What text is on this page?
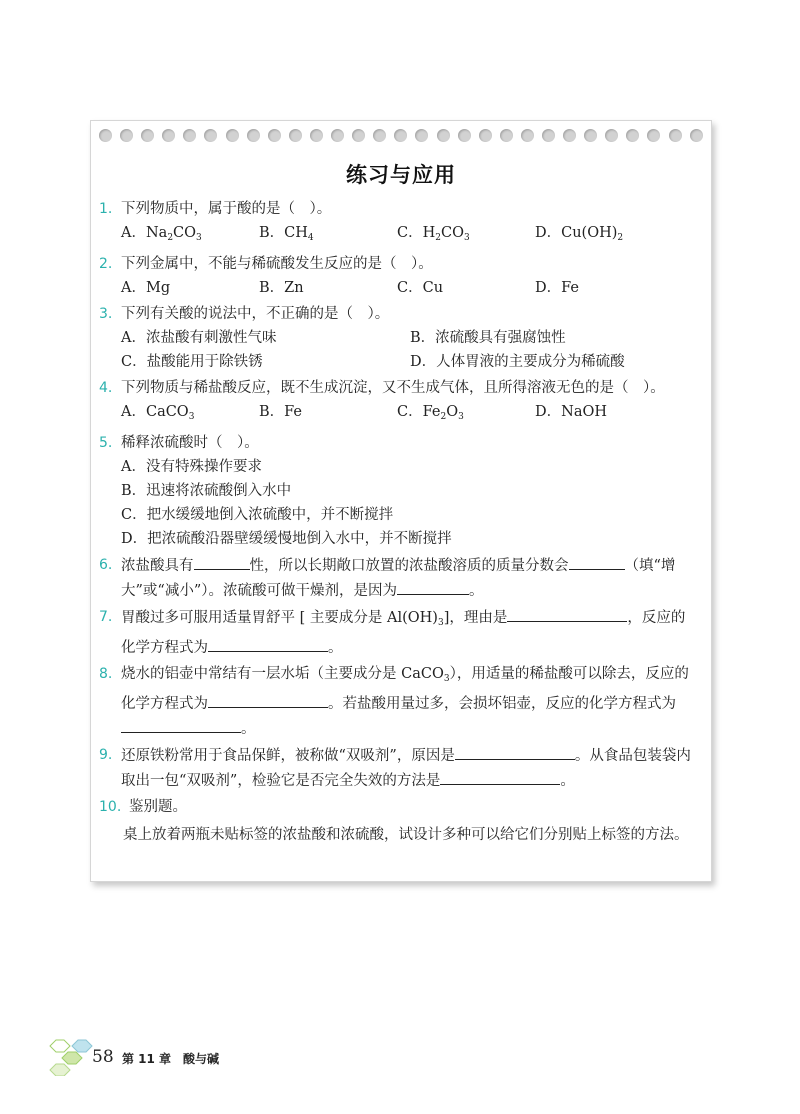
练习与应用
1. 下列物质中，属于酸的是（　）。
A．$Na_2CO_3$	B．$CH_4$	C．$H_2CO_3$	D．$Cu(OH)_2$
2. 下列金属中，不能与稀硫酸发生反应的是（　）。
A．Mg	B．Zn	C．Cu	D．Fe
3. 下列有关酸的说法中，不正确的是（　）。
A．浓盐酸有刺激性气味	B．浓硫酸具有强腐蚀性
C．盐酸能用于除铁锈	D．人体胃液的主要成分为稀硫酸
4. 下列物质与稀盐酸反应，既不生成沉淀，又不生成气体，且所得溶液无色的是（　）。
A．CaCO$_3$	B．Fe	C．$Fe_2O_3$	D．NaOH
5. 稀释浓硫酸时（　）。
A．没有特殊操作要求
B．迅速将浓硫酸倒入水中
C．把水缓缓地倒入浓硫酸中，并不断搅拌
D．把浓硫酸沿器壁缓缓慢地倒入水中，并不断搅拌
6. 浓盐酸具有	性，所以长期敞口放置的浓盐酸溶质的质量分数会	（填“增大”或“减小”）。浓硫酸可做干燥剂，是因为	。
7. 胃酸过多可服用适量胃舒平 [ 主要成分是 $Al(OH)_3$]，理由是	，反应的化学方程式为	。
8. 烧水的铝壶中常结有一层水垢（主要成分是 CaCO$_3$），用适量的稀盐酸可以除去，反应的化学方程式为	。若盐酸用量过多，会损坏铝壶，反应的化学方程式为。
9. 还原铁粉常用于食品保鲜，被称做“双吸剂”，原因是	。从食品包装袋内取出一包“双吸剂”，检验它是否完全失效的方法是	。
10. 鉴别题。
桌上放着两瓶未贴标签的浓盐酸和浓硫酸，试设计多种可以给它们分别贴上标签的方法。
58 第 11 章　酸与碱
